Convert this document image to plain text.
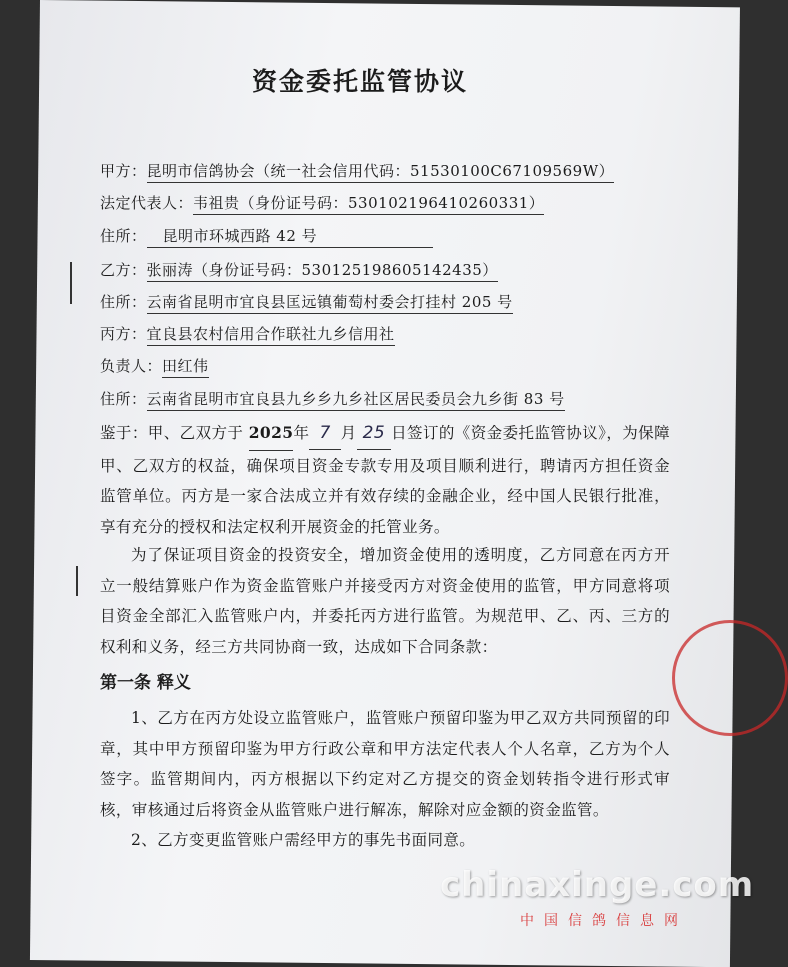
资金委托监管协议
甲方：昆明市信鸽协会（统一社会信用代码：51530100C67109569W）
法定代表人：韦祖贵（身份证号码：530102196410260331）
住所： 昆明市环城西路 42 号
乙方：张丽涛（身份证号码：530125198605142435）
住所：云南省昆明市宜良县匡远镇葡萄村委会打挂村 205 号
丙方：宜良县农村信用合作联社九乡信用社
负责人：田红伟
住所：云南省昆明市宜良县九乡乡九乡社区居民委员会九乡街 83 号

鉴于：甲、乙双方于 2025年 7 月 25 日签订的《资金委托监管协议》，为保障甲、乙双方的权益，确保项目资金专款专用及项目顺利进行，聘请丙方担任资金监管单位。丙方是一家合法成立并有效存续的金融企业，经中国人民银行批准，享有充分的授权和法定权利开展资金的托管业务。

为了保证项目资金的投资安全，增加资金使用的透明度，乙方同意在丙方开立一般结算账户作为资金监管账户并接受丙方对资金使用的监管，甲方同意将项目资金全部汇入监管账户内，并委托丙方进行监管。为规范甲、乙、丙、三方的权利和义务，经三方共同协商一致，达成如下合同条款：

第一条 释义

1、乙方在丙方处设立监管账户，监管账户预留印鉴为甲乙双方共同预留的印章，其中甲方预留印鉴为甲方行政公章和甲方法定代表人个人名章，乙方为个人签字。监管期间内，丙方根据以下约定对乙方提交的资金划转指令进行形式审核，审核通过后将资金从监管账户进行解冻，解除对应金额的资金监管。

2、乙方变更监管账户需经甲方的事先书面同意。

chinaxinge.com
中国信鸽信息网
